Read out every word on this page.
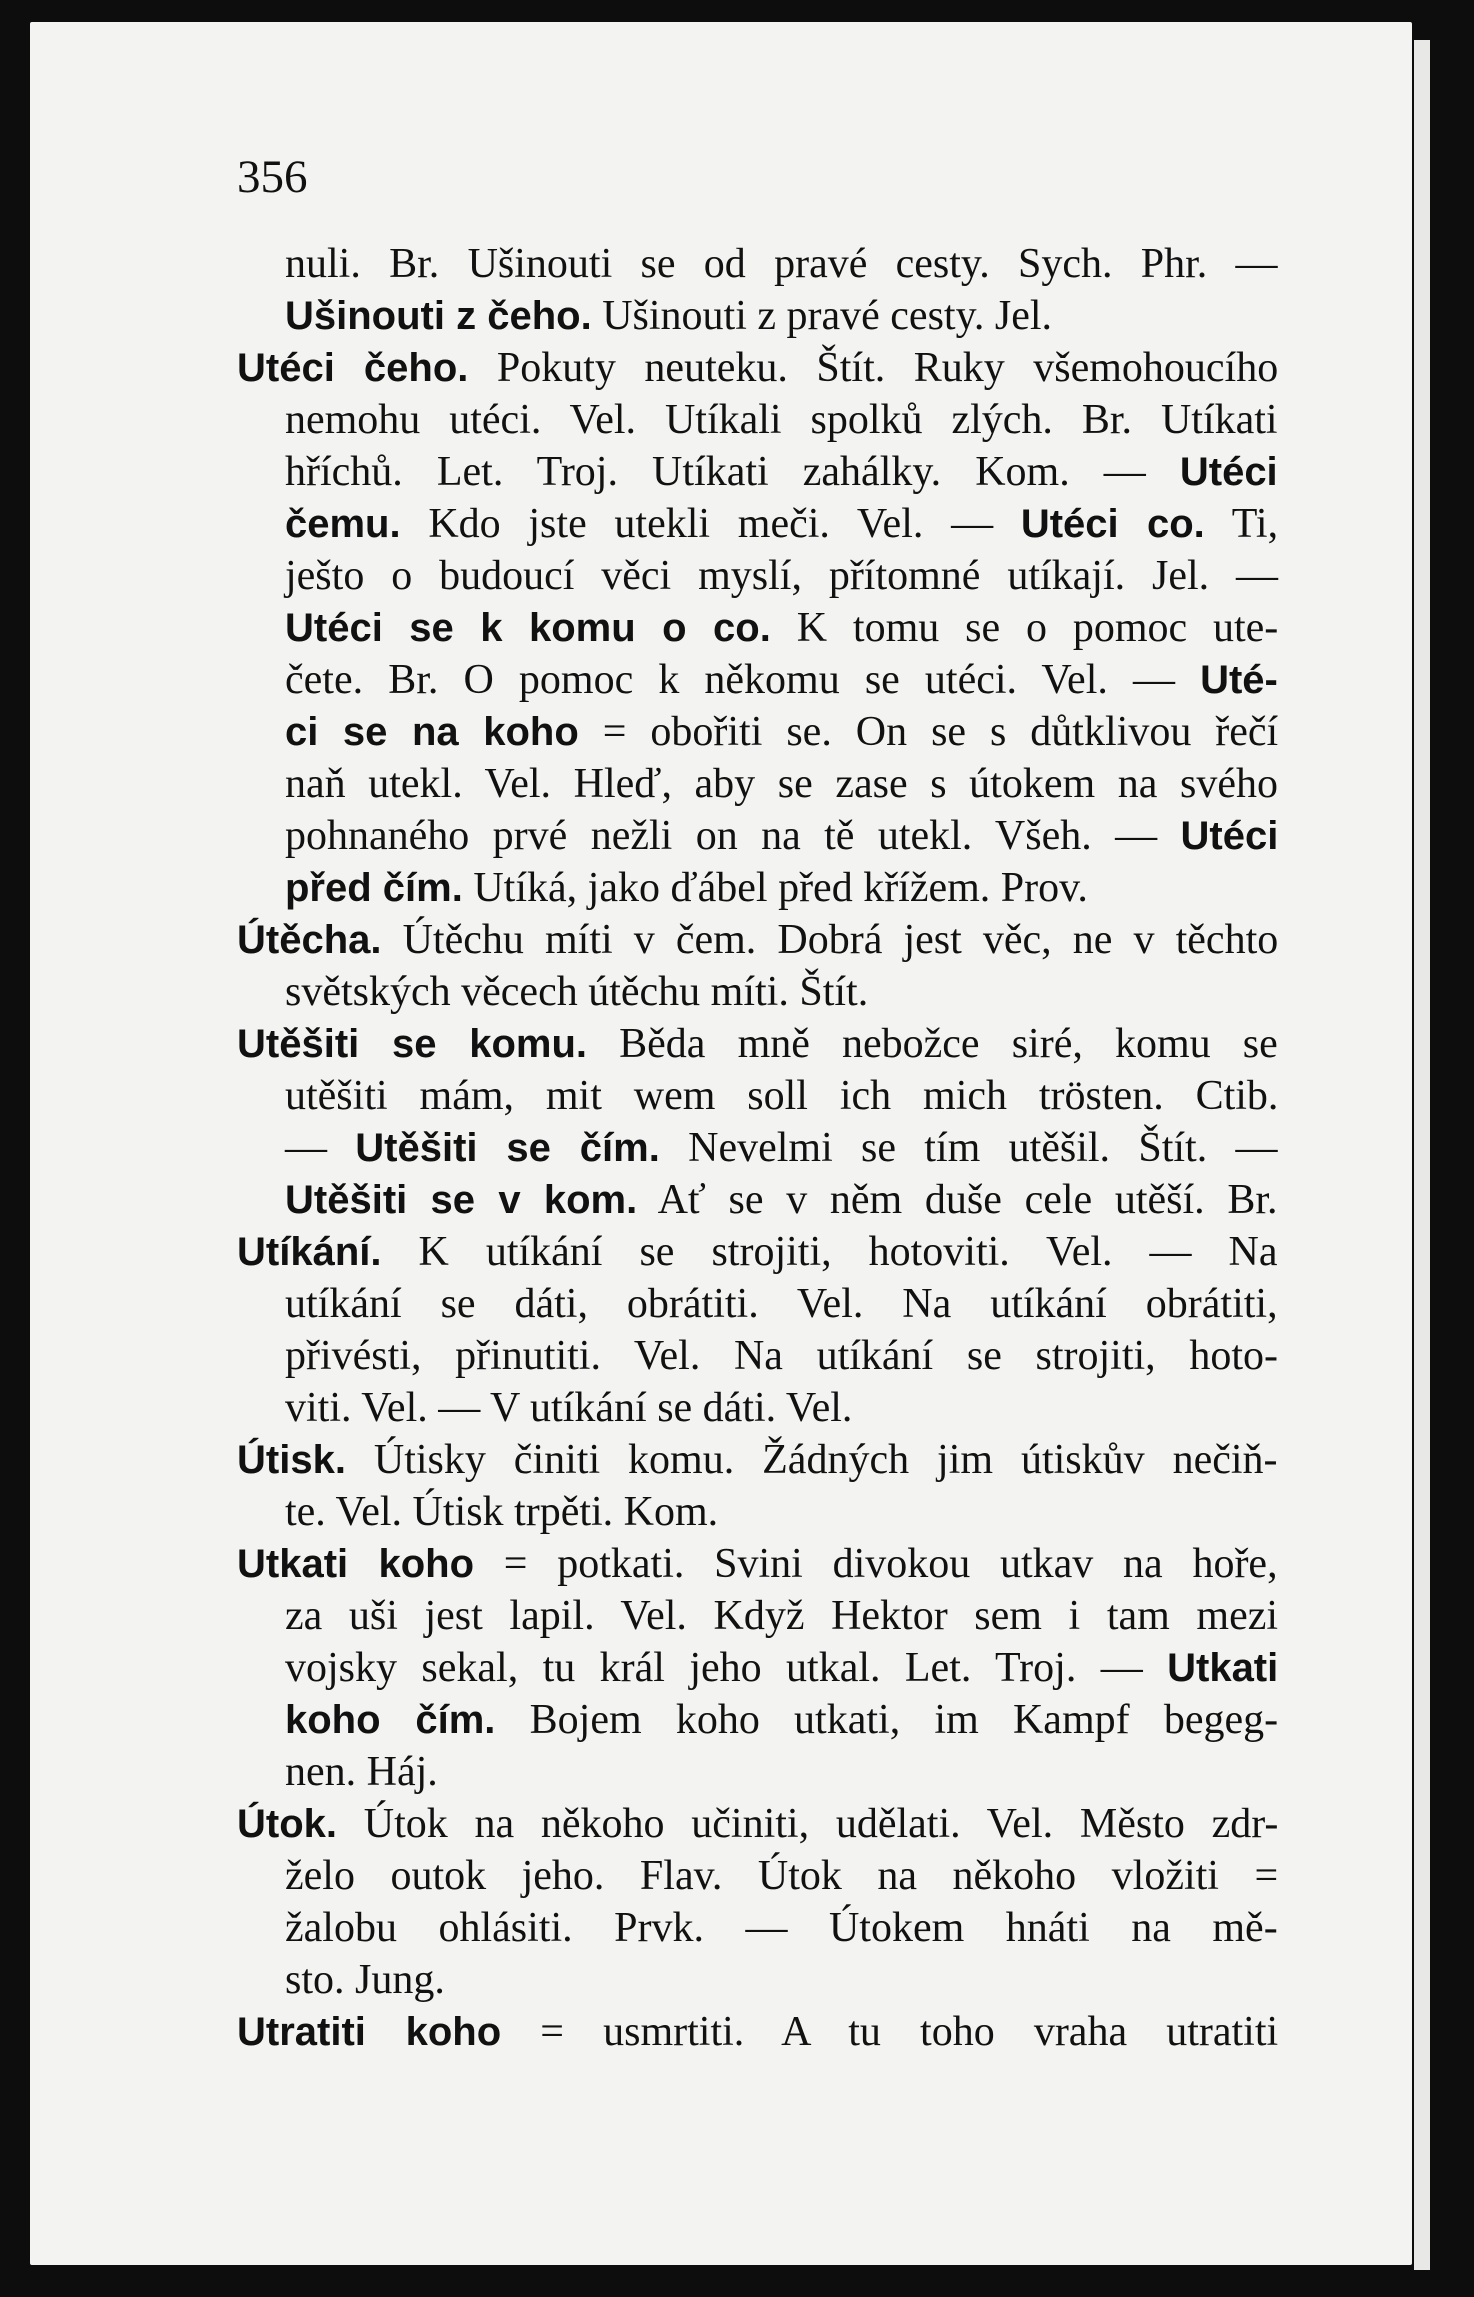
356

nuli. Br. Ušinouti se od pravé cesty. Sych. Phr. —

Ušinouti z čeho. Ušinouti z pravé cesty. Jel.

Utéci čeho. Pokuty neuteku. Štít. Ruky všemohoucího

nemohu utéci. Vel. Utíkali spolků zlých. Br. Utíkati

hříchů. Let. Troj. Utíkati zahálky. Kom. — Utéci

čemu. Kdo jste utekli meči. Vel. — Utéci co. Ti,

ješto o budoucí věci myslí, přítomné utíkají. Jel. —

Utéci se k komu o co. K tomu se o pomoc ute-

čete. Br. O pomoc k někomu se utéci. Vel. — Uté-

ci se na koho = obořiti se. On se s důtklivou řečí

naň utekl. Vel. Hleď, aby se zase s útokem na svého

pohnaného prvé nežli on na tě utekl. Všeh. — Utéci

před čím. Utíká, jako ďábel před křížem. Prov.

Útěcha. Útěchu míti v čem. Dobrá jest věc, ne v těchto

světských věcech útěchu míti. Štít.

Utěšiti se komu. Běda mně nebožce siré, komu se

utěšiti mám, mit wem soll ich mich trösten. Ctib.

— Utěšiti se čím. Nevelmi se tím utěšil. Štít. —

Utěšiti se v kom. Ať se v něm duše cele utěší. Br.

Utíkání. K utíkání se strojiti, hotoviti. Vel. — Na

utíkání se dáti, obrátiti. Vel. Na utíkání obrátiti,

přivésti, přinutiti. Vel. Na utíkání se strojiti, hoto-

viti. Vel. — V utíkání se dáti. Vel.

Útisk. Útisky činiti komu. Žádných jim útiskův nečiň-

te. Vel. Útisk trpěti. Kom.

Utkati koho = potkati. Svini divokou utkav na hoře,

za uši jest lapil. Vel. Když Hektor sem i tam mezi

vojsky sekal, tu král jeho utkal. Let. Troj. — Utkati

koho čím. Bojem koho utkati, im Kampf begeg-

nen. Háj.

Útok. Útok na někoho učiniti, udělati. Vel. Město zdr-

želo outok jeho. Flav. Útok na někoho vložiti =

žalobu ohlásiti. Prvk. — Útokem hnáti na mě-

sto. Jung.

Utratiti koho = usmrtiti. A tu toho vraha utratiti
